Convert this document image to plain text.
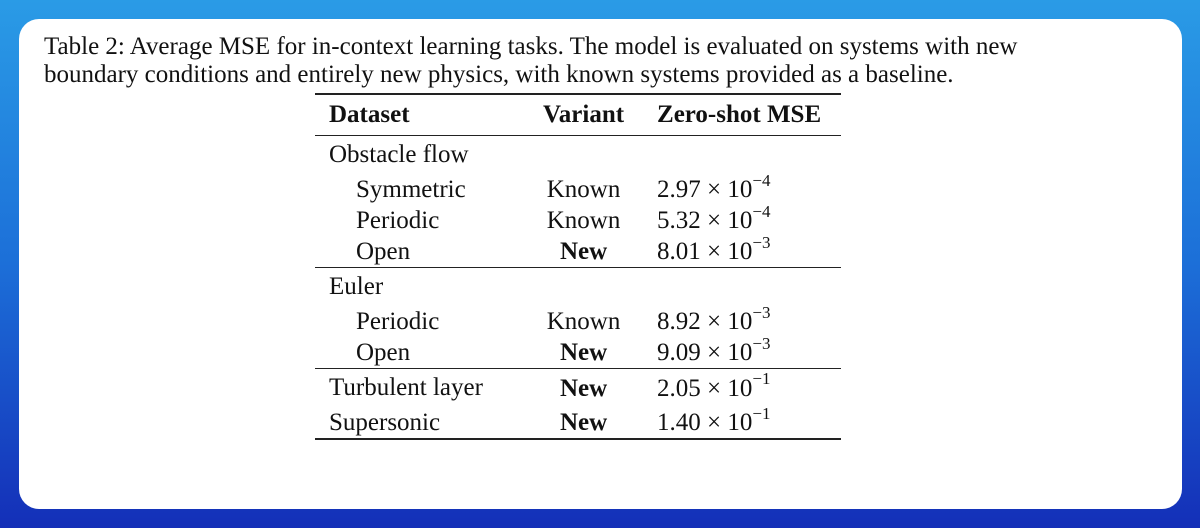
Table 2: Average MSE for in-context learning tasks. The model is evaluated on systems with new
boundary conditions and entirely new physics, with known systems provided as a baseline.
Dataset	Variant	Zero-shot MSE
Obstacle flow		
Symmetric	Known	$2.97 \times 10^{-4}$
Periodic	Known	$5.32 \times 10^{-4}$
Open	New	$8.01 \times 10^{-3}$
Euler		
Periodic	Known	$8.92 \times 10^{-3}$
Open	New	$9.09 \times 10^{-3}$
Turbulent layer	New	$2.05 \times 10^{-1}$
Supersonic	New	$1.40 \times 10^{-1}$
